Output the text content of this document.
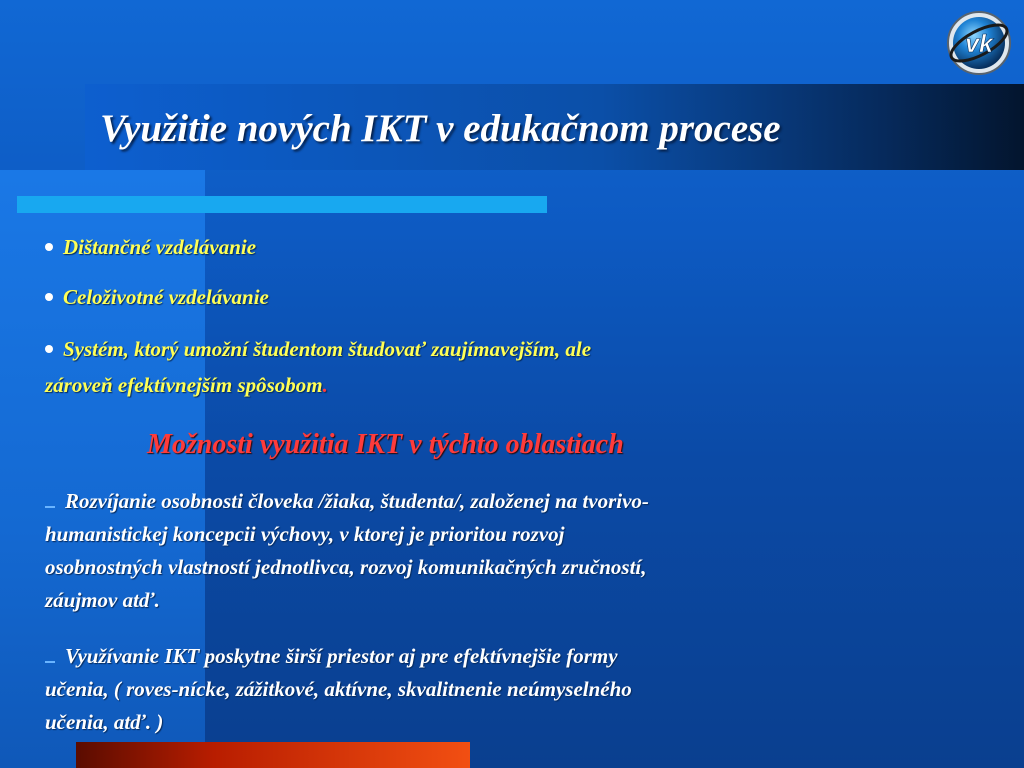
Využitie nových IKT v edukačnom procese
vk
Dištančné vzdelávanie
Celoživotné vzdelávanie
Systém, ktorý umožní študentom študovať zaujímavejším, ale
zároveň efektívnejším spôsobom.
Možnosti využitia IKT v týchto oblastiach
Rozvíjanie osobnosti človeka /žiaka, študenta/, založenej na tvorivo-
humanistickej koncepcii výchovy, v ktorej je prioritou rozvoj
osobnostných vlastností jednotlivca, rozvoj komunikačných zručností,
záujmov atď.
Využívanie IKT poskytne širší priestor aj pre efektívnejšie formy
učenia, ( roves-nícke, zážitkové, aktívne, skvalitnenie neúmyselného
učenia, atď. )
